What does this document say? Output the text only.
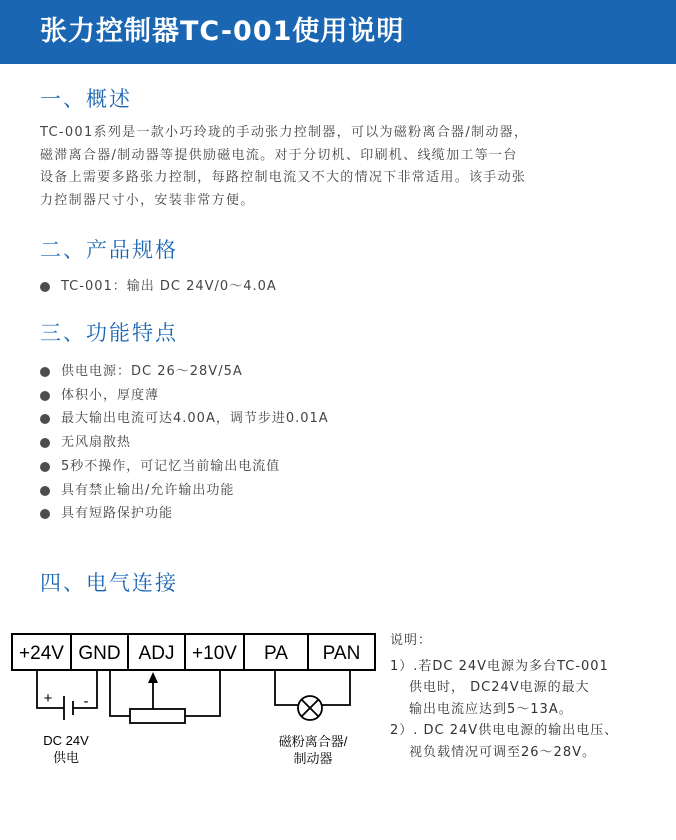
张力控制器TC-001使用说明
一、概述
TC-001系列是一款小巧玲珑的手动张力控制器，可以为磁粉离合器/制动器，
磁滞离合器/制动器等提供励磁电流。对于分切机、印刷机、线缆加工等一台
设备上需要多路张力控制，每路控制电流又不大的情况下非常适用。该手动张
力控制器尺寸小，安装非常方便。
二、产品规格
TC-001：输出 DC 24V/0～4.0A
三、功能特点
供电电源：DC 26～28V/5A
体积小，厚度薄
最大输出电流可达4.00A，调节步进0.01A
无风扇散热
5秒不操作，可记忆当前输出电流值
具有禁止输出/允许输出功能
具有短路保护功能
四、电气连接
+24V GND ADJ +10V PA PAN
+ -
DC 24V
供电
磁粉离合器/
制动器
说明：
1）.若DC 24V电源为多台TC-001
供电时， DC24V电源的最大
输出电流应达到5～13A。
2）. DC 24V供电电源的输出电压、
视负载情况可调至26～28V。
